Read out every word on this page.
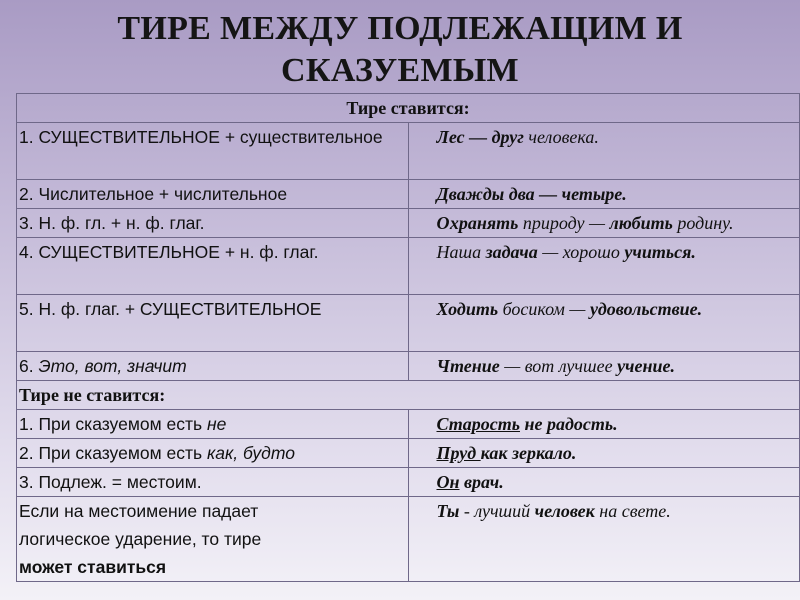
ТИРЕ МЕЖДУ ПОДЛЕЖАЩИМ И
СКАЗУЕМЫМ
Тире ставится:	
1. СУЩЕСТВИТЕЛЬНОЕ + существительное	Лес — друг человека.
2. Числительное + числительное	Дважды два — четыре.
3. Н. ф. гл. + н. ф. глаг.	Охранять природу — любить родину.
4. СУЩЕСТВИТЕЛЬНОЕ + н. ф. глаг.	Наша задача — хорошо учиться.
5. Н. ф. глаг. + СУЩЕСТВИТЕЛЬНОЕ	Ходить босиком — удовольствие.
6. Это, вот, значит	Чтение — вот лучшее учение.
Тире не ставится:	
1. При сказуемом есть не	Старость не радость.
2. При сказуемом есть как, будто	Пруд как зеркало.
3. Подлеж. = местоим.	Он врач.
Если на местоимение падает
логическое ударение, то тире
может ставиться	Ты - лучший человек на свете.
